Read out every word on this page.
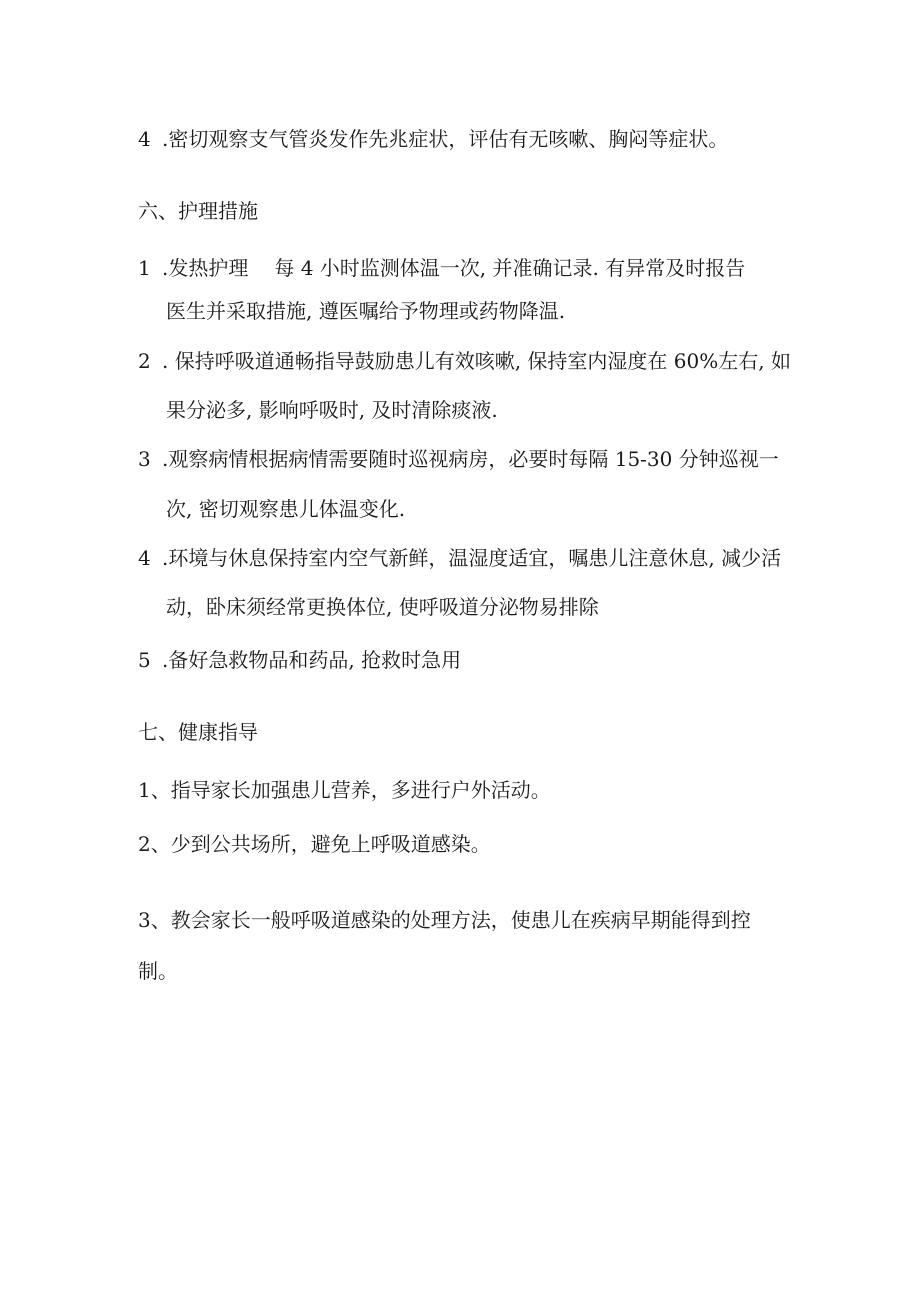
4 .密切观察支气管炎发作先兆症状，评估有无咳嗽、胸闷等症状。
六、护理措施
1 .发热护理 每 4 小时监测体温一次, 并准确记录. 有异常及时报告
医生并采取措施, 遵医嘱给予物理或药物降温.
2 . 保持呼吸道通畅指导鼓励患儿有效咳嗽, 保持室内湿度在 60%左右, 如
果分泌多, 影响呼吸时, 及时清除痰液.
3 .观察病情根据病情需要随时巡视病房，必要时每隔 15-30 分钟巡视一
次, 密切观察患儿体温变化.
4 .环境与休息保持室内空气新鲜，温湿度适宜，嘱患儿注意休息, 减少活
动，卧床须经常更换体位, 使呼吸道分泌物易排除
5 .备好急救物品和药品, 抢救时急用
七、健康指导
1、指导家长加强患儿营养，多进行户外活动。
2、少到公共场所，避免上呼吸道感染。
3、教会家长一般呼吸道感染的处理方法，使患儿在疾病早期能得到控
制。
